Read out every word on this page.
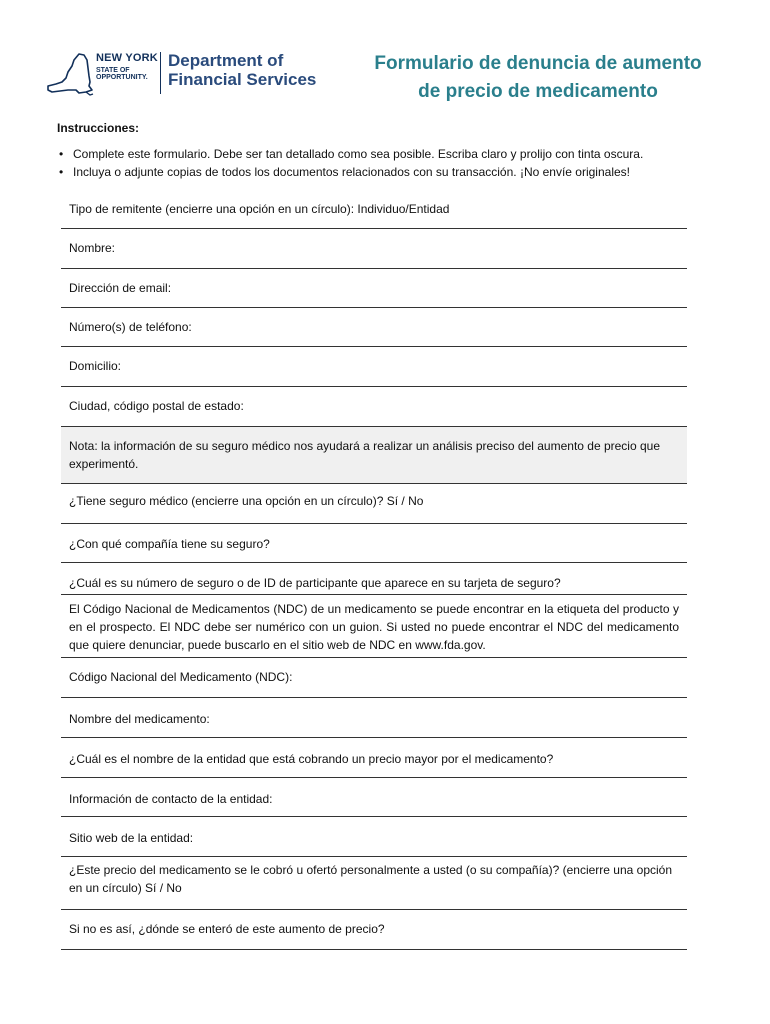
NEW YORK
STATE OF
OPPORTUNITY.
Department of
Financial Services
Formulario de denuncia de aumento
de precio de medicamento
Instrucciones:
• Complete este formulario. Debe ser tan detallado como sea posible. Escriba claro y prolijo con tinta oscura.
• Incluya o adjunte copias de todos los documentos relacionados con su transacción. ¡No envíe originales!
Tipo de remitente (encierre una opción en un círculo): Individuo/Entidad
Nombre:
Dirección de email:
Número(s) de teléfono:
Domicilio:
Ciudad, código postal de estado:
Nota: la información de su seguro médico nos ayudará a realizar un análisis preciso del aumento de precio que experimentó.
¿Tiene seguro médico (encierre una opción en un círculo)? Sí / No
¿Con qué compañía tiene su seguro?
¿Cuál es su número de seguro o de ID de participante que aparece en su tarjeta de seguro?
El Código Nacional de Medicamentos (NDC) de un medicamento se puede encontrar en la etiqueta del producto y en el prospecto. El NDC debe ser numérico con un guion. Si usted no puede encontrar el NDC del medicamento que quiere denunciar, puede buscarlo en el sitio web de NDC en www.fda.gov.
Código Nacional del Medicamento (NDC):
Nombre del medicamento:
¿Cuál es el nombre de la entidad que está cobrando un precio mayor por el medicamento?
Información de contacto de la entidad:
Sitio web de la entidad:
¿Este precio del medicamento se le cobró u ofertó personalmente a usted (o su compañía)? (encierre una opción en un círculo) Sí / No
Si no es así, ¿dónde se enteró de este aumento de precio?
